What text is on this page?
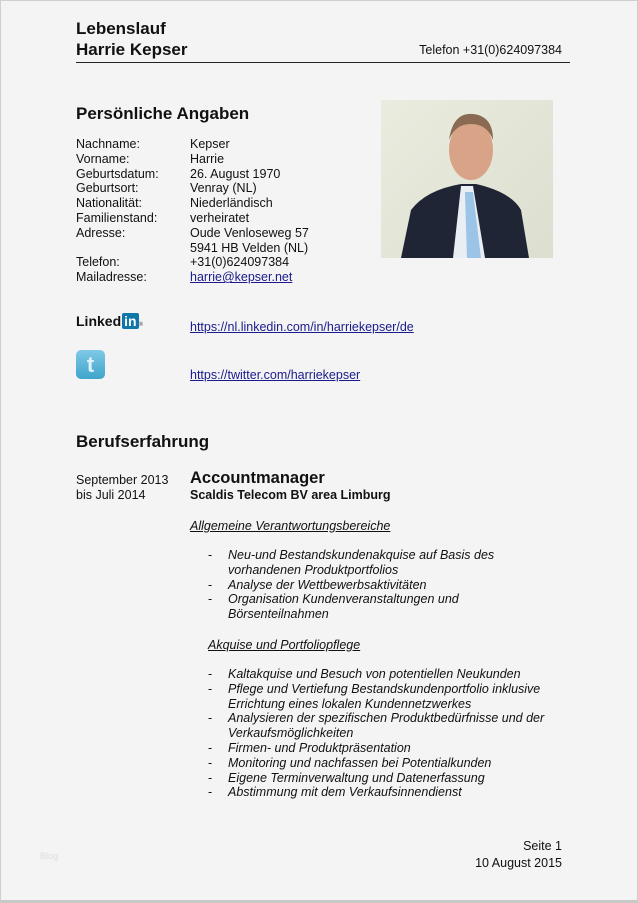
Lebenslauf
Harrie Kepser	Telefon +31(0)624097384
Persönliche Angaben
Nachname:	Kepser
Vorname:	Harrie
Geburtsdatum:	26. August 1970
Geburtsort:	Venray (NL)
Nationalität:	Niederländisch
Familienstand:	verheiratet
Adresse:	Oude Venloseweg 57
5941 HB Velden (NL)
Telefon:	+31(0)624097384
Mailadresse:	harrie@kepser.net
Linked in ®	https://nl.linkedin.com/in/harriekepser/de
t	https://twitter.com/harriekepser
Berufserfahrung
September 2013
bis Juli 2014
Accountmanager
Scaldis Telecom BV area Limburg
Allgemeine Verantwortungsbereiche
- Neu-und Bestandskundenakquise auf Basis des
vorhandenen Produktportfolios
- Analyse der Wettbewerbsaktivitäten
- Organisation Kundenveranstaltungen und
Börsenteilnahmen
Akquise und Portfoliopflege
- Kaltakquise und Besuch von potentiellen Neukunden
- Pflege und Vertiefung Bestandskundenportfolio inklusive
Errichtung eines lokalen Kundennetzwerkes
- Analysieren der spezifischen Produktbedürfnisse und der
Verkaufsmöglichkeiten
- Firmen- und Produktpräsentation
- Monitoring und nachfassen bei Potentialkunden
- Eigene Terminverwaltung und Datenerfassung
- Abstimmung mit dem Verkaufsinnendienst
Seite 1
10 August 2015
Blog
